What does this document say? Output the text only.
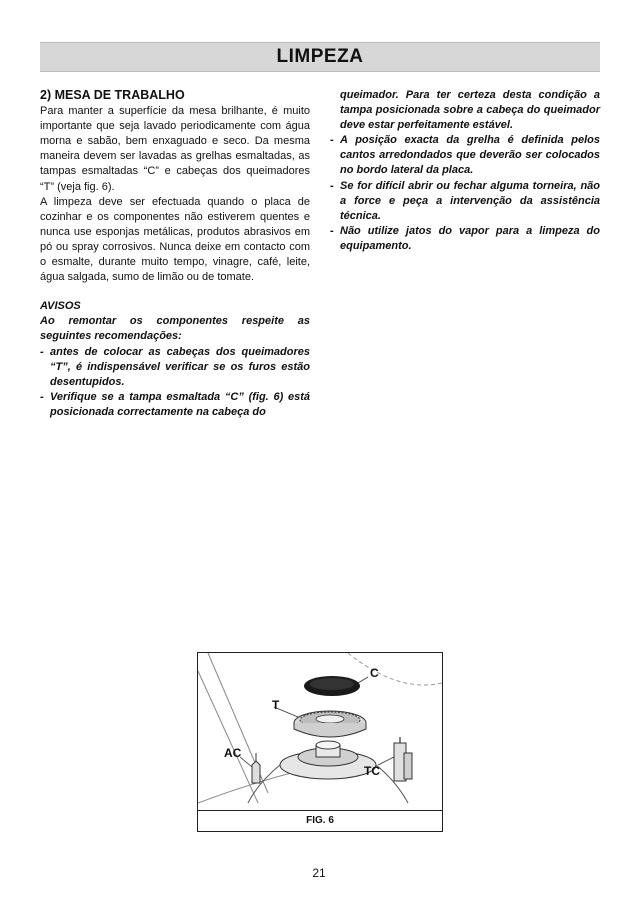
LIMPEZA

2) MESA DE TRABALHO

Para manter a superfície da mesa brilhante, é muito importante que seja lavado periodicamente com água morna e sabão, bem enxaguado e seco. Da mesma maneira devem ser lavadas as grelhas esmaltadas, as tampas esmaltadas “C” e cabeças dos queimadores “T” (veja fig. 6).

A limpeza deve ser efectuada quando o placa de cozinhar e os componentes não estiverem quentes e nunca use esponjas metálicas, produtos abrasivos em pó ou spray corrosivos. Nunca deixe em contacto com o esmalte, durante muito tempo, vinagre, café, leite, água salgada, sumo de limão ou de tomate.

AVISOS

Ao remontar os componentes respeite as seguintes recomendações:

- antes de colocar as cabeças dos queimadores “T”, é indispensável verificar se os furos estão desentupidos.
- Verifique se a tampa esmaltada “C” (fig. 6) está posicionada correctamente na cabeça do
queimador. Para ter certeza desta condição a tampa posicionada sobre a cabeça do queimador deve estar perfeitamente estável.
- A posição exacta da grelha é definida pelos cantos arredondados que deverão ser colocados no bordo lateral da placa.
- Se for difícil abrir ou fechar alguma torneira, não a force e peça a intervenção da assistência técnica.
- Não utilize jatos do vapor para a limpeza do equipamento.
C
T
AC
TC
FIG. 6
21
